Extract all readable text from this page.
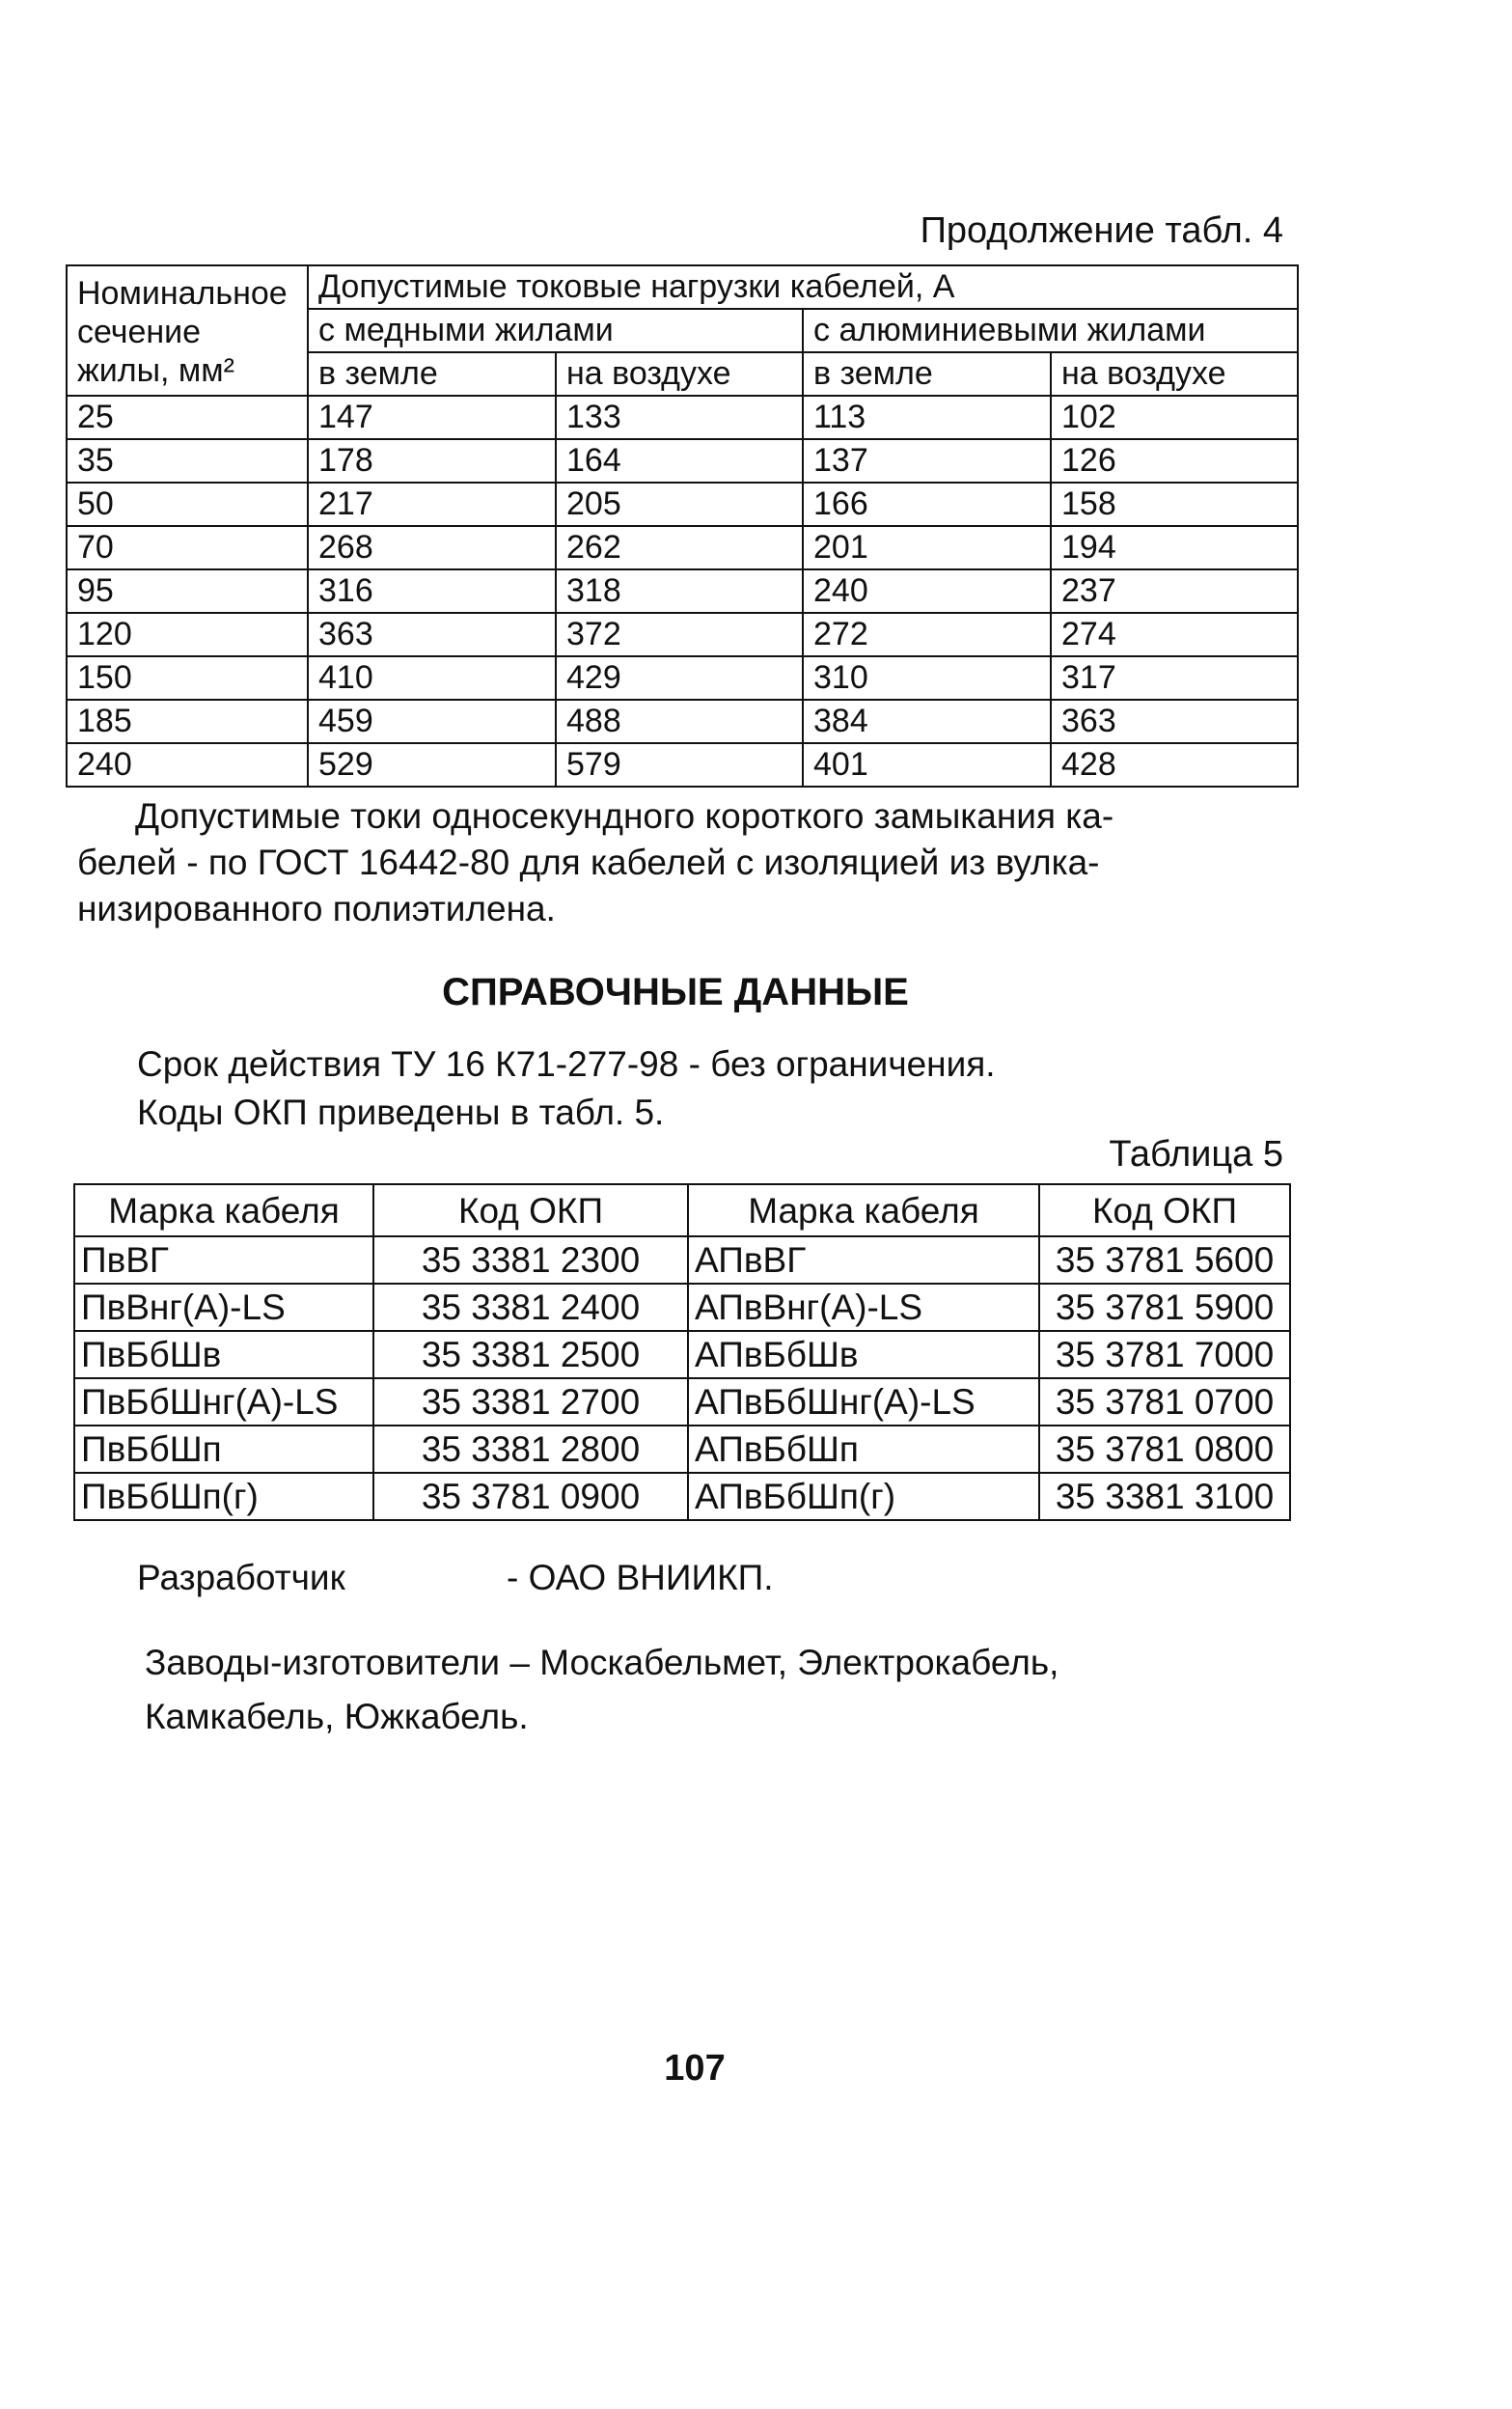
Продолжение табл. 4
Номинальное сечение жилы, мм²	Допустимые токовые нагрузки кабелей, А			
	с медными жилами		с алюминиевыми жилами	
	в земле	на воздухе	в земле	на воздухе
25	147	133	113	102
35	178	164	137	126
50	217	205	166	158
70	268	262	201	194
95	316	318	240	237
120	363	372	272	274
150	410	429	310	317
185	459	488	384	363
240	529	579	401	428
Допустимые токи односекундного короткого замыкания ка-
белей - по ГОСТ 16442-80 для кабелей с изоляцией из вулка-
низированного полиэтилена.
СПРАВОЧНЫЕ ДАННЫЕ
Срок действия ТУ 16 К71-277-98 - без ограничения.
Коды ОКП приведены в табл. 5.
Таблица 5
Марка кабеля	Код ОКП	Марка кабеля	Код ОКП
ПвВГ	35 3381 2300	АПвВГ	35 3781 5600
ПвВнг(А)-LS	35 3381 2400	АПвВнг(А)-LS	35 3781 5900
ПвБбШв	35 3381 2500	АПвБбШв	35 3781 7000
ПвБбШнг(А)-LS	35 3381 2700	АПвБбШнг(А)-LS	35 3781 0700
ПвБбШп	35 3381 2800	АПвБбШп	35 3781 0800
ПвБбШп(г)	35 3781 0900	АПвБбШп(г)	35 3381 3100
Разработчик	- ОАО ВНИИКП.
Заводы-изготовители – Москабельмет, Электрокабель, Камкабель, Южкабель.
107
